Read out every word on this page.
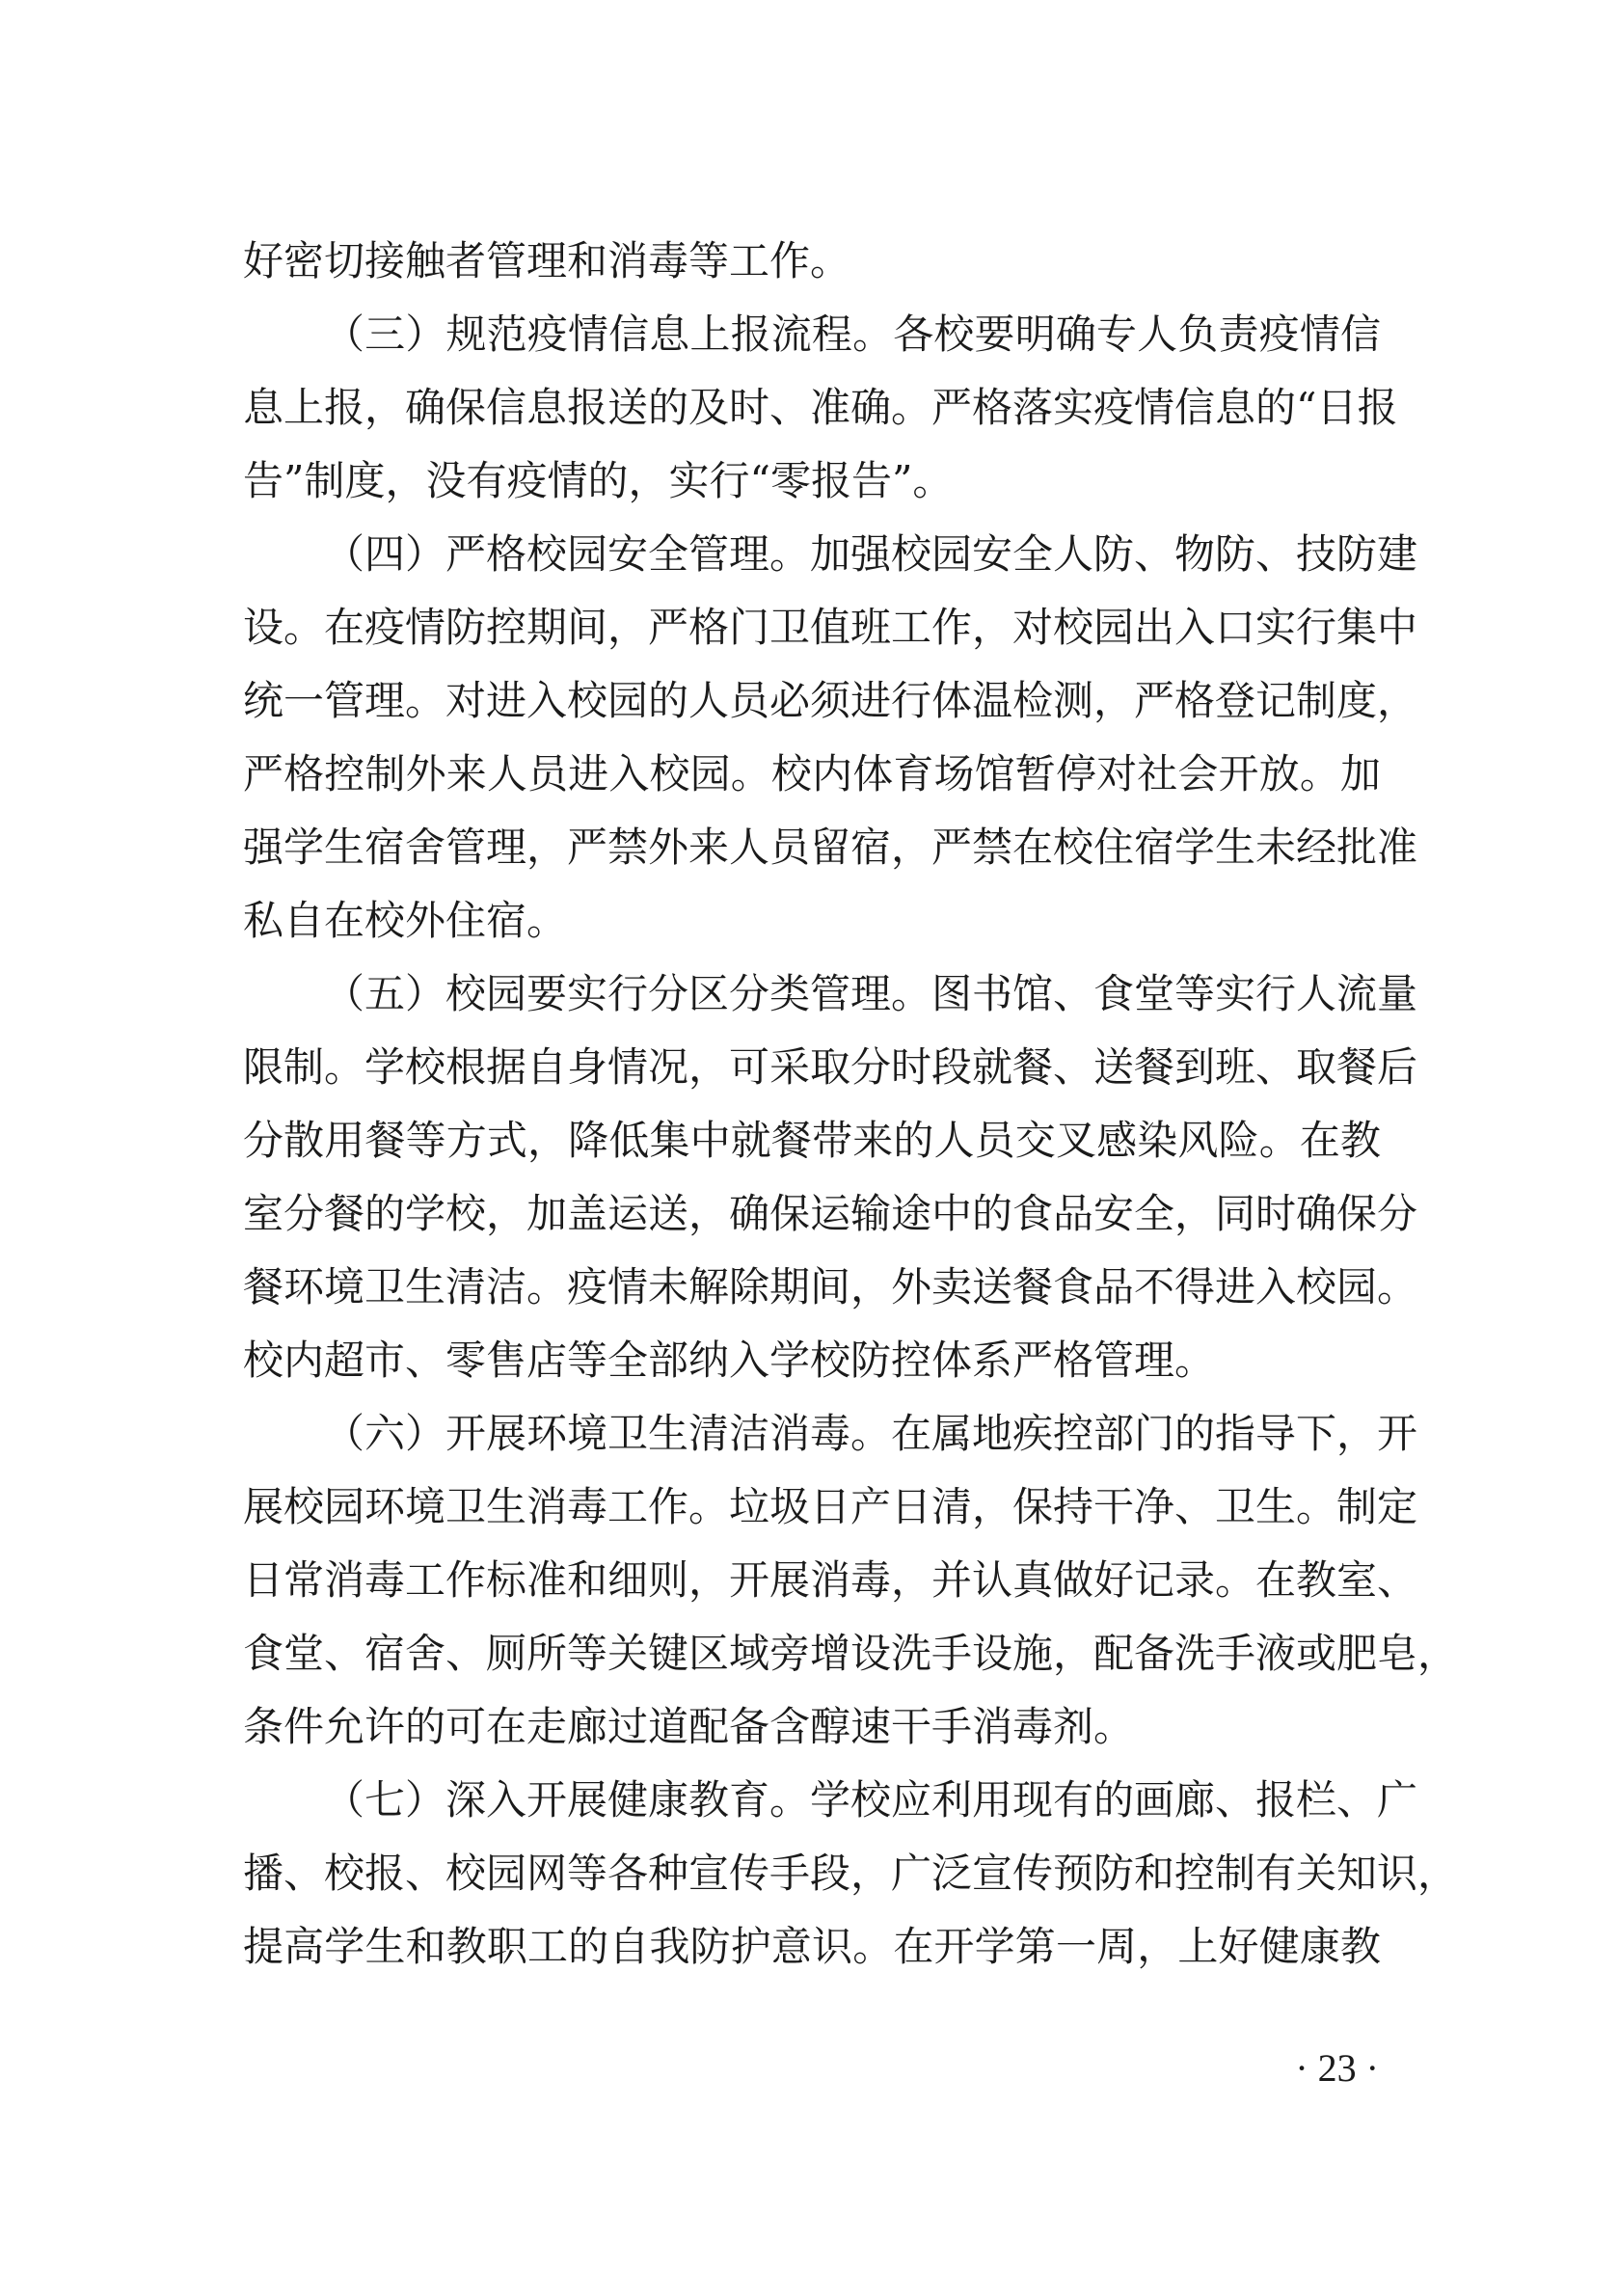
好密切接触者管理和消毒等工作。
（三）规范疫情信息上报流程。各校要明确专人负责疫情信
息上报，确保信息报送的及时、准确。严格落实疫情信息的“日报
告”制度，没有疫情的，实行“零报告”。
（四）严格校园安全管理。加强校园安全人防、物防、技防建
设。在疫情防控期间，严格门卫值班工作，对校园出入口实行集中
统一管理。对进入校园的人员必须进行体温检测，严格登记制度，
严格控制外来人员进入校园。校内体育场馆暂停对社会开放。加
强学生宿舍管理，严禁外来人员留宿，严禁在校住宿学生未经批准
私自在校外住宿。
（五）校园要实行分区分类管理。图书馆、食堂等实行人流量
限制。学校根据自身情况，可采取分时段就餐、送餐到班、取餐后
分散用餐等方式，降低集中就餐带来的人员交叉感染风险。在教
室分餐的学校，加盖运送，确保运输途中的食品安全，同时确保分
餐环境卫生清洁。疫情未解除期间，外卖送餐食品不得进入校园。
校内超市、零售店等全部纳入学校防控体系严格管理。
（六）开展环境卫生清洁消毒。在属地疾控部门的指导下，开
展校园环境卫生消毒工作。垃圾日产日清，保持干净、卫生。制定
日常消毒工作标准和细则，开展消毒，并认真做好记录。在教室、
食堂、宿舍、厕所等关键区域旁增设洗手设施，配备洗手液或肥皂，
条件允许的可在走廊过道配备含醇速干手消毒剂。
（七）深入开展健康教育。学校应利用现有的画廊、报栏、广
播、校报、校园网等各种宣传手段，广泛宣传预防和控制有关知识，
提高学生和教职工的自我防护意识。在开学第一周，上好健康教
· 23 ·
